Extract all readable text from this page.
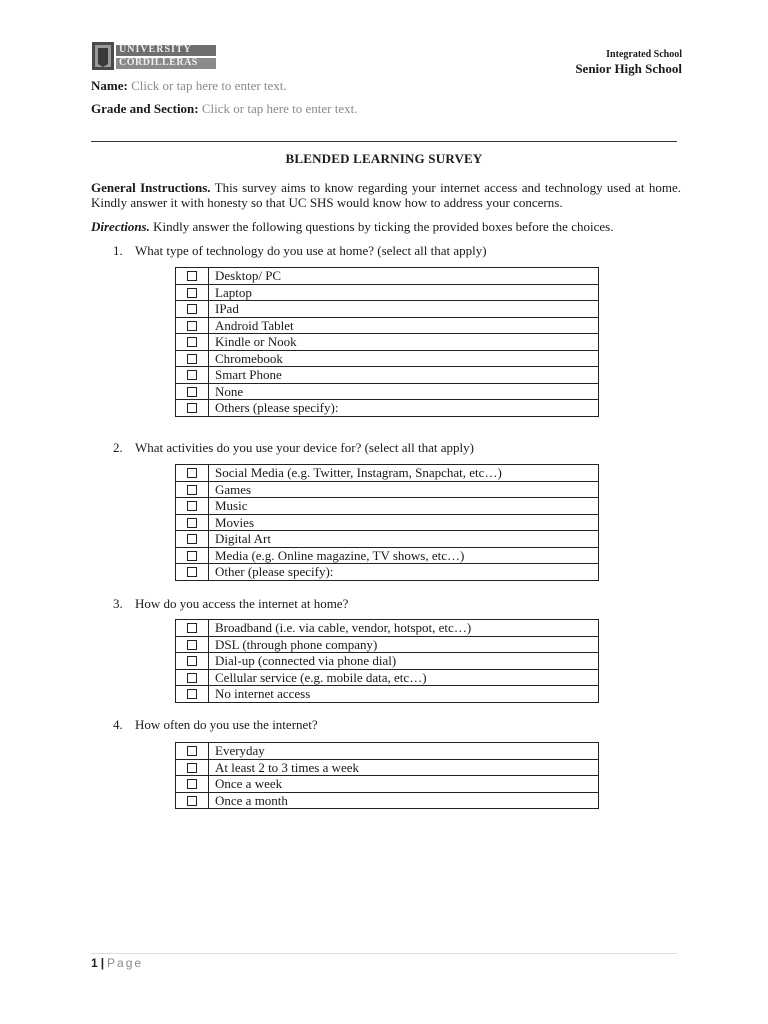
UNIVERSITY
CORDILLERAS
Integrated School
Senior High School
Name: Click or tap here to enter text.
Grade and Section: Click or tap here to enter text.
BLENDED LEARNING SURVEY
General Instructions. This survey aims to know regarding your internet access and technology used at home. Kindly answer it with honesty so that UC SHS would know how to address your concerns.
Directions. Kindly answer the following questions by ticking the provided boxes before the choices.
1. What type of technology do you use at home? (select all that apply)
	Desktop/ PC
	Laptop
	IPad
	Android Tablet
	Kindle or Nook
	Chromebook
	Smart Phone
	None
	Others (please specify):
2. What activities do you use your device for? (select all that apply)
	Social Media (e.g. Twitter, Instagram, Snapchat, etc…)
	Games
	Music
	Movies
	Digital Art
	Media (e.g. Online magazine, TV shows, etc…)
	Other (please specify):
3. How do you access the internet at home?
	Broadband (i.e. via cable, vendor, hotspot, etc…)
	DSL (through phone company)
	Dial-up (connected via phone dial)
	Cellular service (e.g. mobile data, etc…)
	No internet access
4. How often do you use the internet?
	Everyday
	At least 2 to 3 times a week
	Once a week
	Once a month
1 | Page
